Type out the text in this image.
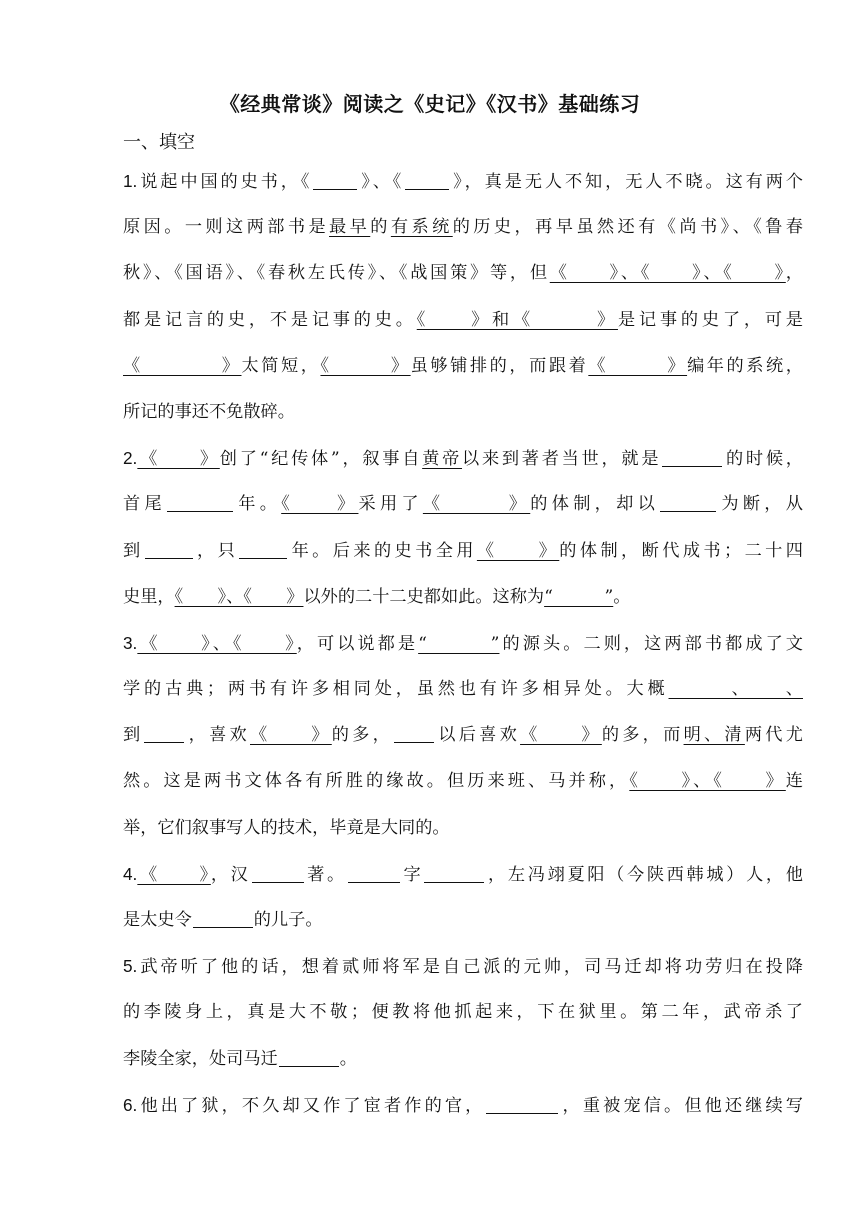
《经典常谈》阅读之《史记》《汉书》基础练习
一、填空
1.说起中国的史书，《	》、《	》，真是无人不知，无人不晓。这有两个
原因。一则这两部书是最早的有系统的历史，再早虽然还有《尚书》、《鲁春
秋》、《国语》、《春秋左氏传》、《战国策》等，但《　　》、《　　》、《　　》，
都是记言的史，不是记事的史。《　　》和《　　　》是记事的史了，可是
《　　　　》太简短，《　　　》虽够铺排的，而跟着《　　　》编年的系统，
所记的事还不免散碎。
2.《　　》创了“纪传体”，叙事自黄帝以来到著者当世，就是	的时候，
首尾	年。《　　》采用了《　　　》的体制，却以	为断，从
到	，只	年。后来的史书全用《　　》的体制，断代成书；二十四
史里，《　　》、《　　》以外的二十二史都如此。这称为“　　　”。
3.《　　》、《　　》，可以说都是“　　　”的源头。二则，这两部书都成了文
学的古典；两书有许多相同处，虽然也有许多相异处。大概　　　、　　、
到 ，喜欢《　　》的多， 以后喜欢《　　》的多，而明、清两代尤
然。这是两书文体各有所胜的缘故。但历来班、马并称，《　　》、《　　》连
举，它们叙事写人的技术，毕竟是大同的。
4.《　　》，汉	著。	字	，左冯翊夏阳（今陕西韩城）人，他
是太史令	的儿子。
5.武帝听了他的话，想着贰师将军是自己派的元帅，司马迁却将功劳归在投降
的李陵身上，真是大不敬；便教将他抓起来，下在狱里。第二年，武帝杀了
李陵全家，处司马迁	。
6.他出了狱，不久却又作了宦者作的官，	，重被宠信。但他还继续写
